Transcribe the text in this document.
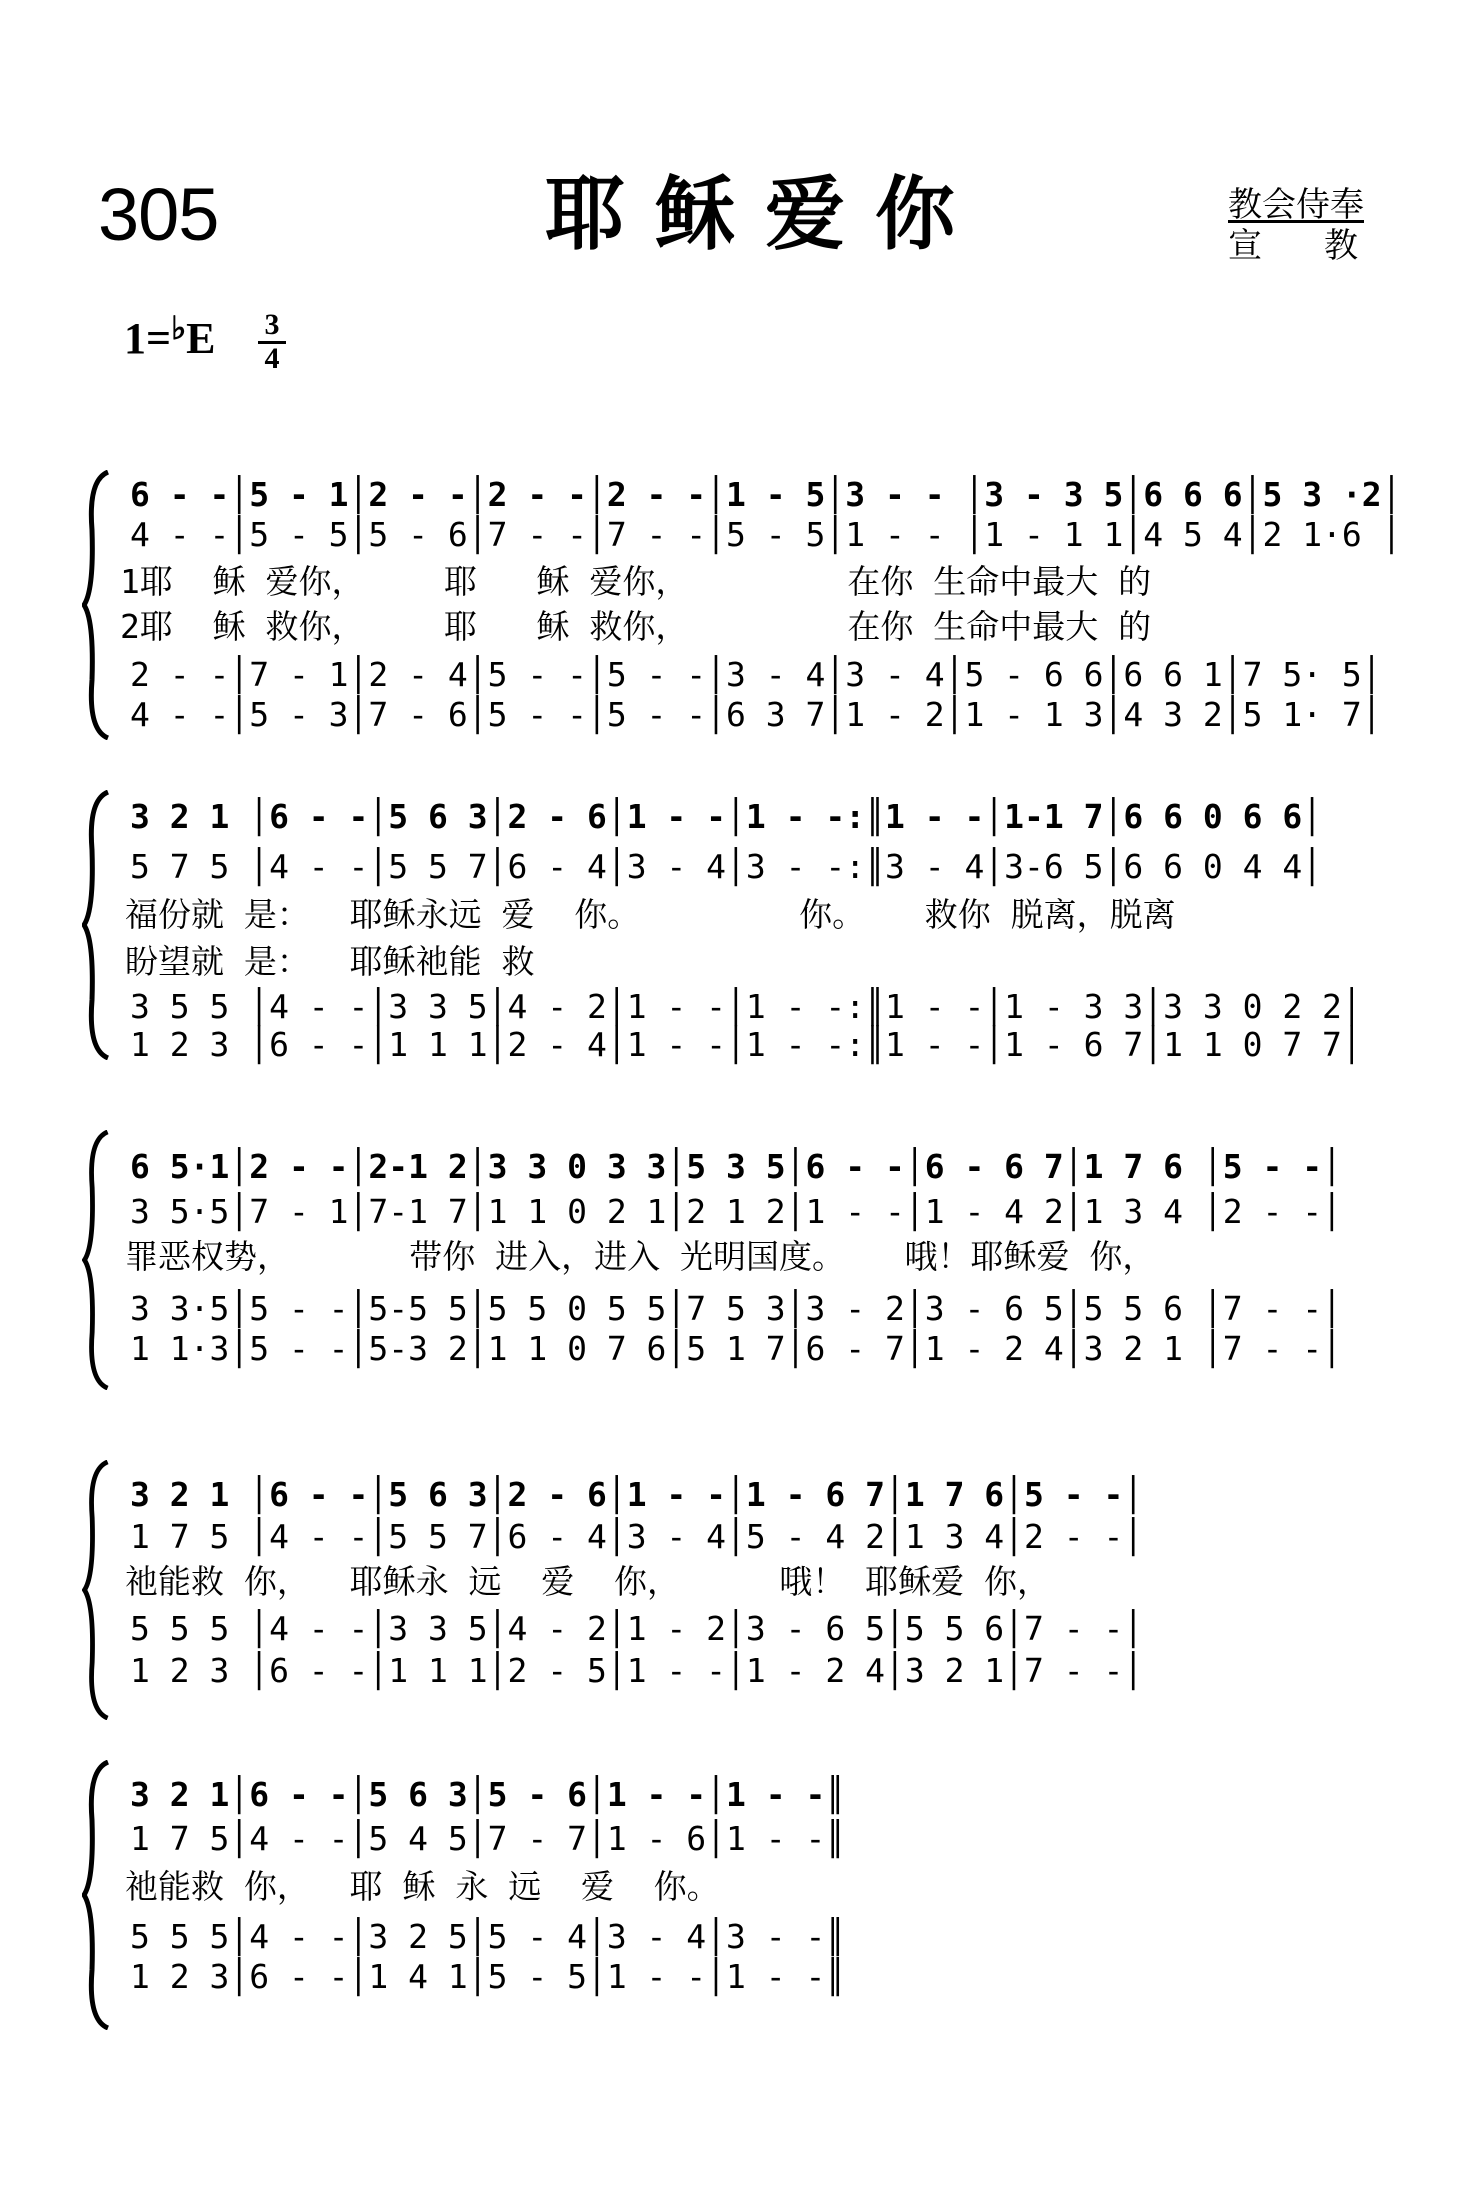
305	耶稣爱你	教会侍奉
宣教
$1=^♭E \frac{3}{4}$
6 - -│5 - 1│2 - -│2 - -│2 - -│1 - 5│3 - - │3 - 3 5│6 6 6│5 3 ·2│
4 - -│5 - 5│5 - 6│7 - -│7 - -│5 - 5│1 - - │1 - 1 1│4 5 4│2 1·6 │
1耶  稣 爱你，    耶   稣 爱你，        在你 生命中最大 的
2耶  稣 救你，    耶   稣 救你，        在你 生命中最大 的
2 - -│7 - 1│2 - 4│5 - -│5 - -│3 - 4│3 - 4│5 - 6 6│6 6 1│7 5· 5│
4 - -│5 - 3│7 - 6│5 - -│5 - -│6 3 7│1 - 2│1 - 1 3│4 3 2│5 1· 7│
3 2 1 │6 - -│5 6 3│2 - 6│1 - -│1 - -:║1 - -│1-1 7│6 6 0 6 6│
5 7 5 │4 - -│5 5 7│6 - 4│3 - 4│3 - -:║3 - 4│3-6 5│6 6 0 4 4│
福份就 是：  耶稣永远 爱  你。        你。   救你 脱离，脱离
盼望就 是：  耶稣祂能 救
3 5 5 │4 - -│3 3 5│4 - 2│1 - -│1 - -:║1 - -│1 - 3 3│3 3 0 2 2│
1 2 3 │6 - -│1 1 1│2 - 4│1 - -│1 - -:║1 - -│1 - 6 7│1 1 0 7 7│
6 5·1│2 - -│2-1 2│3 3 0 3 3│5 3 5│6 - -│6 - 6 7│1 7 6 │5 - -│
3 5·5│7 - 1│7-1 7│1 1 0 2 1│2 1 2│1 - -│1 - 4 2│1 3 4 │2 - -│
罪恶权势，      带你 进入，进入 光明国度。   哦！耶稣爱 你，
3 3·5│5 - -│5-5 5│5 5 0 5 5│7 5 3│3 - 2│3 - 6 5│5 5 6 │7 - -│
1 1·3│5 - -│5-3 2│1 1 0 7 6│5 1 7│6 - 7│1 - 2 4│3 2 1 │7 - -│
3 2 1 │6 - -│5 6 3│2 - 6│1 - -│1 - 6 7│1 7 6│5 - -│
1 7 5 │4 - -│5 5 7│6 - 4│3 - 4│5 - 4 2│1 3 4│2 - -│
祂能救 你，  耶稣永 远  爱  你，     哦！ 耶稣爱 你，
5 5 5 │4 - -│3 3 5│4 - 2│1 - 2│3 - 6 5│5 5 6│7 - -│
1 2 3 │6 - -│1 1 1│2 - 5│1 - -│1 - 2 4│3 2 1│7 - -│
3 2 1│6 - -│5 6 3│5 - 6│1 - -│1 - -║
1 7 5│4 - -│5 4 5│7 - 7│1 - 6│1 - -║
祂能救 你，  耶 稣 永 远  爱  你。
5 5 5│4 - -│3 2 5│5 - 4│3 - 4│3 - -║
1 2 3│6 - -│1 4 1│5 - 5│1 - -│1 - -║
